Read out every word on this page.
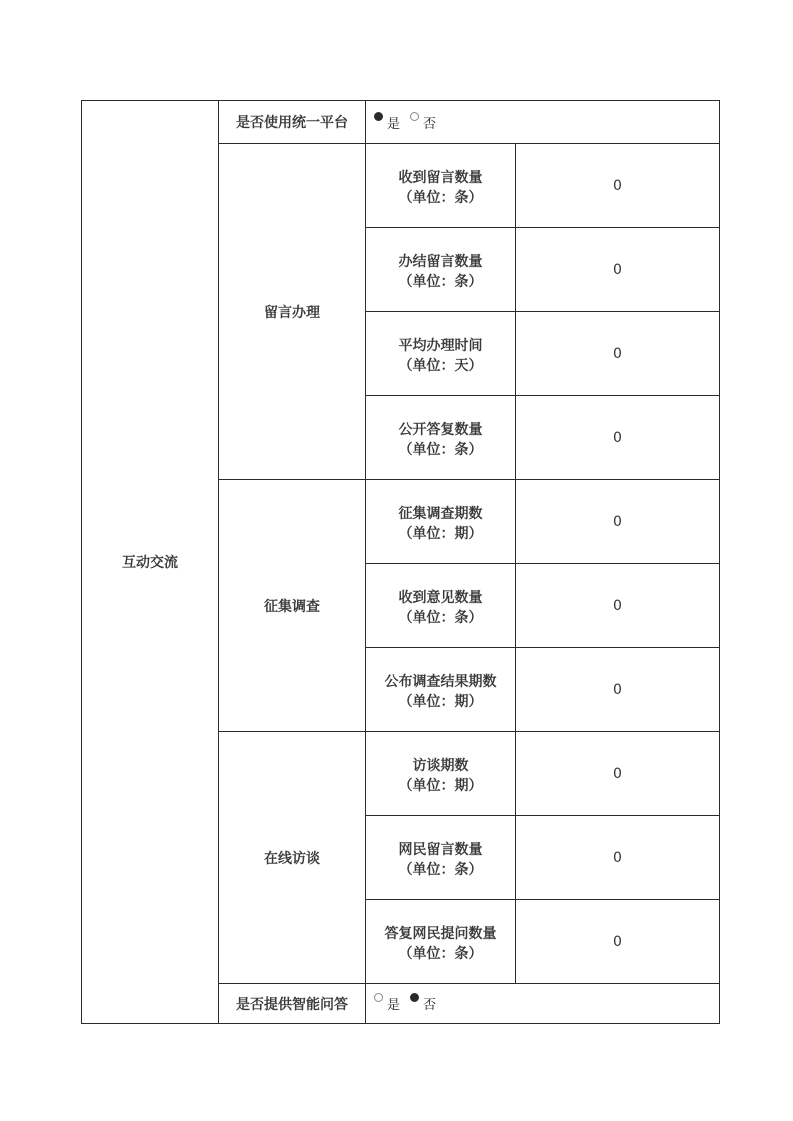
互动交流	是否使用统一平台	是 否	

	留言办理	收到留言数量
（单位：条）	0

		办结留言数量
（单位：条）	0

		平均办理时间
（单位：天）	0

		公开答复数量
（单位：条）	0
	征集调查	征集调查期数
（单位：期）	0

		收到意见数量
（单位：条）	0

		公布调查结果期数
（单位：期）	0
	在线访谈	访谈期数
（单位：期）	0

		网民留言数量
（单位：条）	0

		答复网民提问数量
（单位：条）	0
	是否提供智能问答	是 否	
